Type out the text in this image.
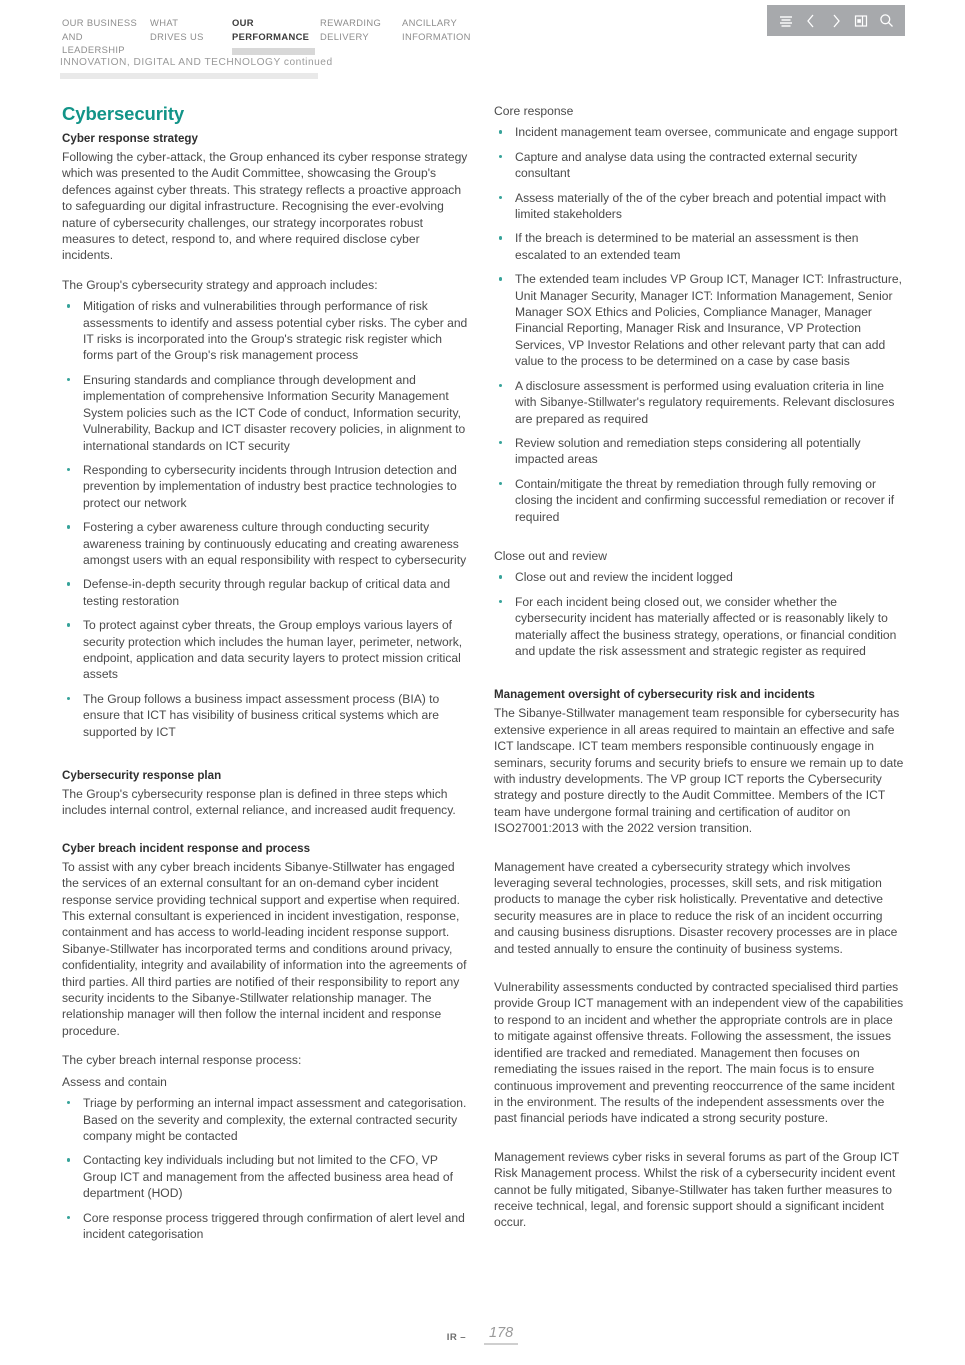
OUR BUSINESS
AND LEADERSHIP
WHAT
DRIVES US
OUR
PERFORMANCE
REWARDING
DELIVERY
ANCILLARY
INFORMATION
INNOVATION, DIGITAL AND TECHNOLOGY continued
Cybersecurity
Cyber response strategy

Following the cyber-attack, the Group enhanced its cyber response strategy which was presented to the Audit Committee, showcasing the Group's defences against cyber threats. This strategy reflects a proactive approach to safeguarding our digital infrastructure. Recognising the ever-evolving nature of cybersecurity challenges, our strategy incorporates robust measures to detect, respond to, and where required disclose cyber incidents.

The Group's cybersecurity strategy and approach includes:

Mitigation of risks and vulnerabilities through performance of risk assessments to identify and assess potential cyber risks. The cyber and IT risks is incorporated into the Group's strategic risk register which forms part of the Group's risk management process
Ensuring standards and compliance through development and implementation of comprehensive Information Security Management System policies such as the ICT Code of conduct, Information security, Vulnerability, Backup and ICT disaster recovery policies, in alignment to international standards on ICT security
Responding to cybersecurity incidents through Intrusion detection and prevention by implementation of industry best practice technologies to protect our network
Fostering a cyber awareness culture through conducting security awareness training by continuously educating and creating awareness amongst users with an equal responsibility with respect to cybersecurity
Defense-in-depth security through regular backup of critical data and testing restoration
To protect against cyber threats, the Group employs various layers of security protection which includes the human layer, perimeter, network, endpoint, application and data security layers to protect mission critical assets
The Group follows a business impact assessment process (BIA) to ensure that ICT has visibility of business critical systems which are supported by ICT
Cybersecurity response plan

The Group's cybersecurity response plan is defined in three steps which includes internal control, external reliance, and increased audit frequency.

Cyber breach incident response and process

To assist with any cyber breach incidents Sibanye-Stillwater has engaged the services of an external consultant for an on-demand cyber incident response service providing technical support and expertise when required. This external consultant is experienced in incident investigation, response, containment and has access to world-leading incident response support. Sibanye-Stillwater has incorporated terms and conditions around privacy, confidentiality, integrity and availability of information into the agreements of third parties. All third parties are notified of their responsibility to report any security incidents to the Sibanye-Stillwater relationship manager. The relationship manager will then follow the internal incident and response procedure.

The cyber breach internal response process:

Assess and contain

Triage by performing an internal impact assessment and categorisation. Based on the severity and complexity, the external contracted security company might be contacted
Contacting key individuals including but not limited to the CFO, VP Group ICT and management from the affected business area head of department (HOD)
Core response process triggered through confirmation of alert level and incident categorisation

Core response

Incident management team oversee, communicate and engage support
Capture and analyse data using the contracted external security consultant
Assess materially of the of the cyber breach and potential impact with limited stakeholders
If the breach is determined to be material an assessment is then escalated to an extended team
The extended team includes VP Group ICT, Manager ICT: Infrastructure, Unit Manager Security, Manager ICT: Information Management, Senior Manager SOX Ethics and Policies, Compliance Manager, Manager Financial Reporting, Manager Risk and Insurance, VP Protection Services, VP Investor Relations and other relevant party that can add value to the process to be determined on a case by case basis
A disclosure assessment is performed using evaluation criteria in line with Sibanye-Stillwater's regulatory requirements. Relevant disclosures are prepared as required
Review solution and remediation steps considering all potentially impacted areas
Contain/mitigate the threat by remediation through fully removing or closing the incident and confirming successful remediation or recover if required

Close out and review

Close out and review the incident logged
For each incident being closed out, we consider whether the cybersecurity incident has materially affected or is reasonably likely to materially affect the business strategy, operations, or financial condition and update the risk assessment and strategic register as required
Management oversight of cybersecurity risk and incidents

The Sibanye-Stillwater management team responsible for cybersecurity has extensive experience in all areas required to maintain an effective and safe ICT landscape. ICT team members responsible continuously engage in seminars, security forums and security briefs to ensure we remain up to date with industry developments. The VP group ICT reports the Cybersecurity strategy and posture directly to the Audit Committee. Members of the ICT team have undergone formal training and certification of auditor on ISO27001:2013 with the 2022 version transition.

Management have created a cybersecurity strategy which involves leveraging several technologies, processes, skill sets, and risk mitigation products to manage the cyber risk holistically. Preventative and detective security measures are in place to reduce the risk of an incident occurring and causing business disruptions. Disaster recovery processes are in place and tested annually to ensure the continuity of business systems.

Vulnerability assessments conducted by contracted specialised third parties provide Group ICT management with an independent view of the capabilities to respond to an incident and whether the appropriate controls are in place to mitigate against offensive threats. Following the assessment, the issues identified are tracked and remediated. Management then focuses on remediating the issues raised in the report. The main focus is to ensure continuous improvement and preventing reoccurrence of the same incident in the environment. The results of the independent assessments over the past financial periods have indicated a strong security posture.

Management reviews cyber risks in several forums as part of the Group ICT Risk Management process. Whilst the risk of a cybersecurity incident event cannot be fully mitigated, Sibanye-Stillwater has taken further measures to receive technical, legal, and forensic support should a significant incident occur.

IR –	178
